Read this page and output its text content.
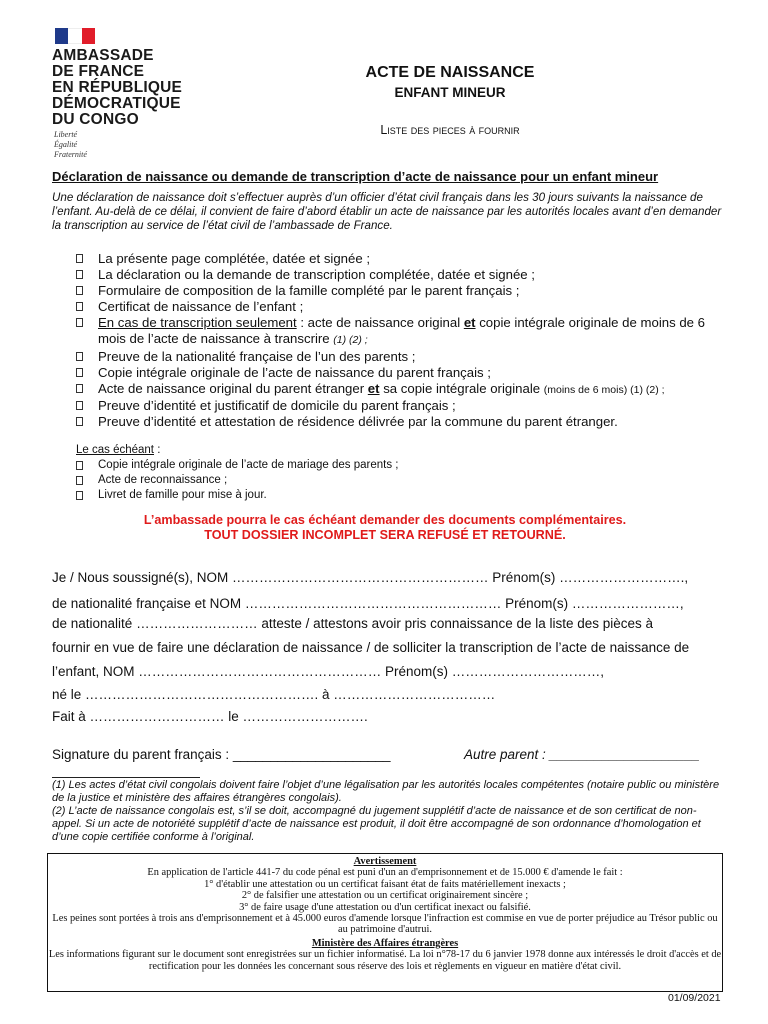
AMBASSADE
DE FRANCE
EN RÉPUBLIQUE
DÉMOCRATIQUE
DU CONGO
Liberté
Égalité
Fraternité
ACTE DE NAISSANCE
ENFANT MINEUR
Liste des pieces à fournir
Déclaration de naissance ou demande de transcription d’acte de naissance pour un enfant mineur
Une déclaration de naissance doit s’effectuer auprès d’un officier d’état civil français dans les 30 jours suivants la naissance de l’enfant. Au-delà de ce délai, il convient de faire d’abord établir un acte de naissance par les autorités locales avant d’en demander la transcription au service de l’état civil de l’ambassade de France.
La présente page complétée, datée et signée ;
La déclaration ou la demande de transcription complétée, datée et signée ;
Formulaire de composition de la famille complété par le parent français ;
Certificat de naissance de l’enfant ;
En cas de transcription seulement : acte de naissance original et copie intégrale originale de moins de 6 mois de l’acte de naissance à transcrire (1) (2) ;
Preuve de la nationalité française de l’un des parents ;
Copie intégrale originale de l’acte de naissance du parent français ;
Acte de naissance original du parent étranger et sa copie intégrale originale (moins de 6 mois) (1) (2) ;
Preuve d’identité et justificatif de domicile du parent français ;
Preuve d’identité et attestation de résidence délivrée par la commune du parent étranger.
Le cas échéant :
Copie intégrale originale de l’acte de mariage des parents ;
Acte de reconnaissance ;
Livret de famille pour mise à jour.
L’ambassade pourra le cas échéant demander des documents complémentaires.
TOUT DOSSIER INCOMPLET SERA REFUSÉ ET RETOURNÉ.
Je / Nous soussigné(s), NOM ………………………………………………… Prénom(s) ……………………….,
de nationalité française et NOM ………………………………………………… Prénom(s) ……………………,
de nationalité ……………………… atteste / attestons avoir pris connaissance de la liste des pièces à
fournir en vue de faire une déclaration de naissance / de solliciter la transcription de l’acte de naissance de
l’enfant, NOM ……………………………………………… Prénom(s) ……………………………,
né le ……………………………………………. à ………………………………
Fait à ………………………… le ……………………….
Signature du parent français : _____________________	Autre parent : ____________________
(1) Les actes d’état civil congolais doivent faire l’objet d’une légalisation par les autorités locales compétentes (notaire public ou ministère de la justice et ministère des affaires étrangères congolais).
(2) L’acte de naissance congolais est, s’il se doit, accompagné du jugement supplétif d’acte de naissance et de son certificat de non-appel. Si un acte de notoriété supplétif d’acte de naissance est produit, il doit être accompagné de son ordonnance d’homologation et d’une copie certifiée conforme à l’original.
Avertissement
En application de l'article 441-7 du code pénal est puni d'un an d'emprisonnement et de 15.000 € d'amende le fait :
1° d'établir une attestation ou un certificat faisant état de faits matériellement inexacts ;
2° de falsifier une attestation ou un certificat originairement sincère ;
3° de faire usage d'une attestation ou d'un certificat inexact ou falsifié.
Les peines sont portées à trois ans d'emprisonnement et à 45.000 euros d'amende lorsque l'infraction est commise en vue de porter préjudice au Trésor public ou au patrimoine d'autrui.
Ministère des Affaires étrangères
Les informations figurant sur le document sont enregistrées sur un fichier informatisé. La loi n°78-17 du 6 janvier 1978 donne aux intéressés le droit d'accès et de rectification pour les données les concernant sous réserve des lois et règlements en vigueur en matière d'état civil.
01/09/2021
